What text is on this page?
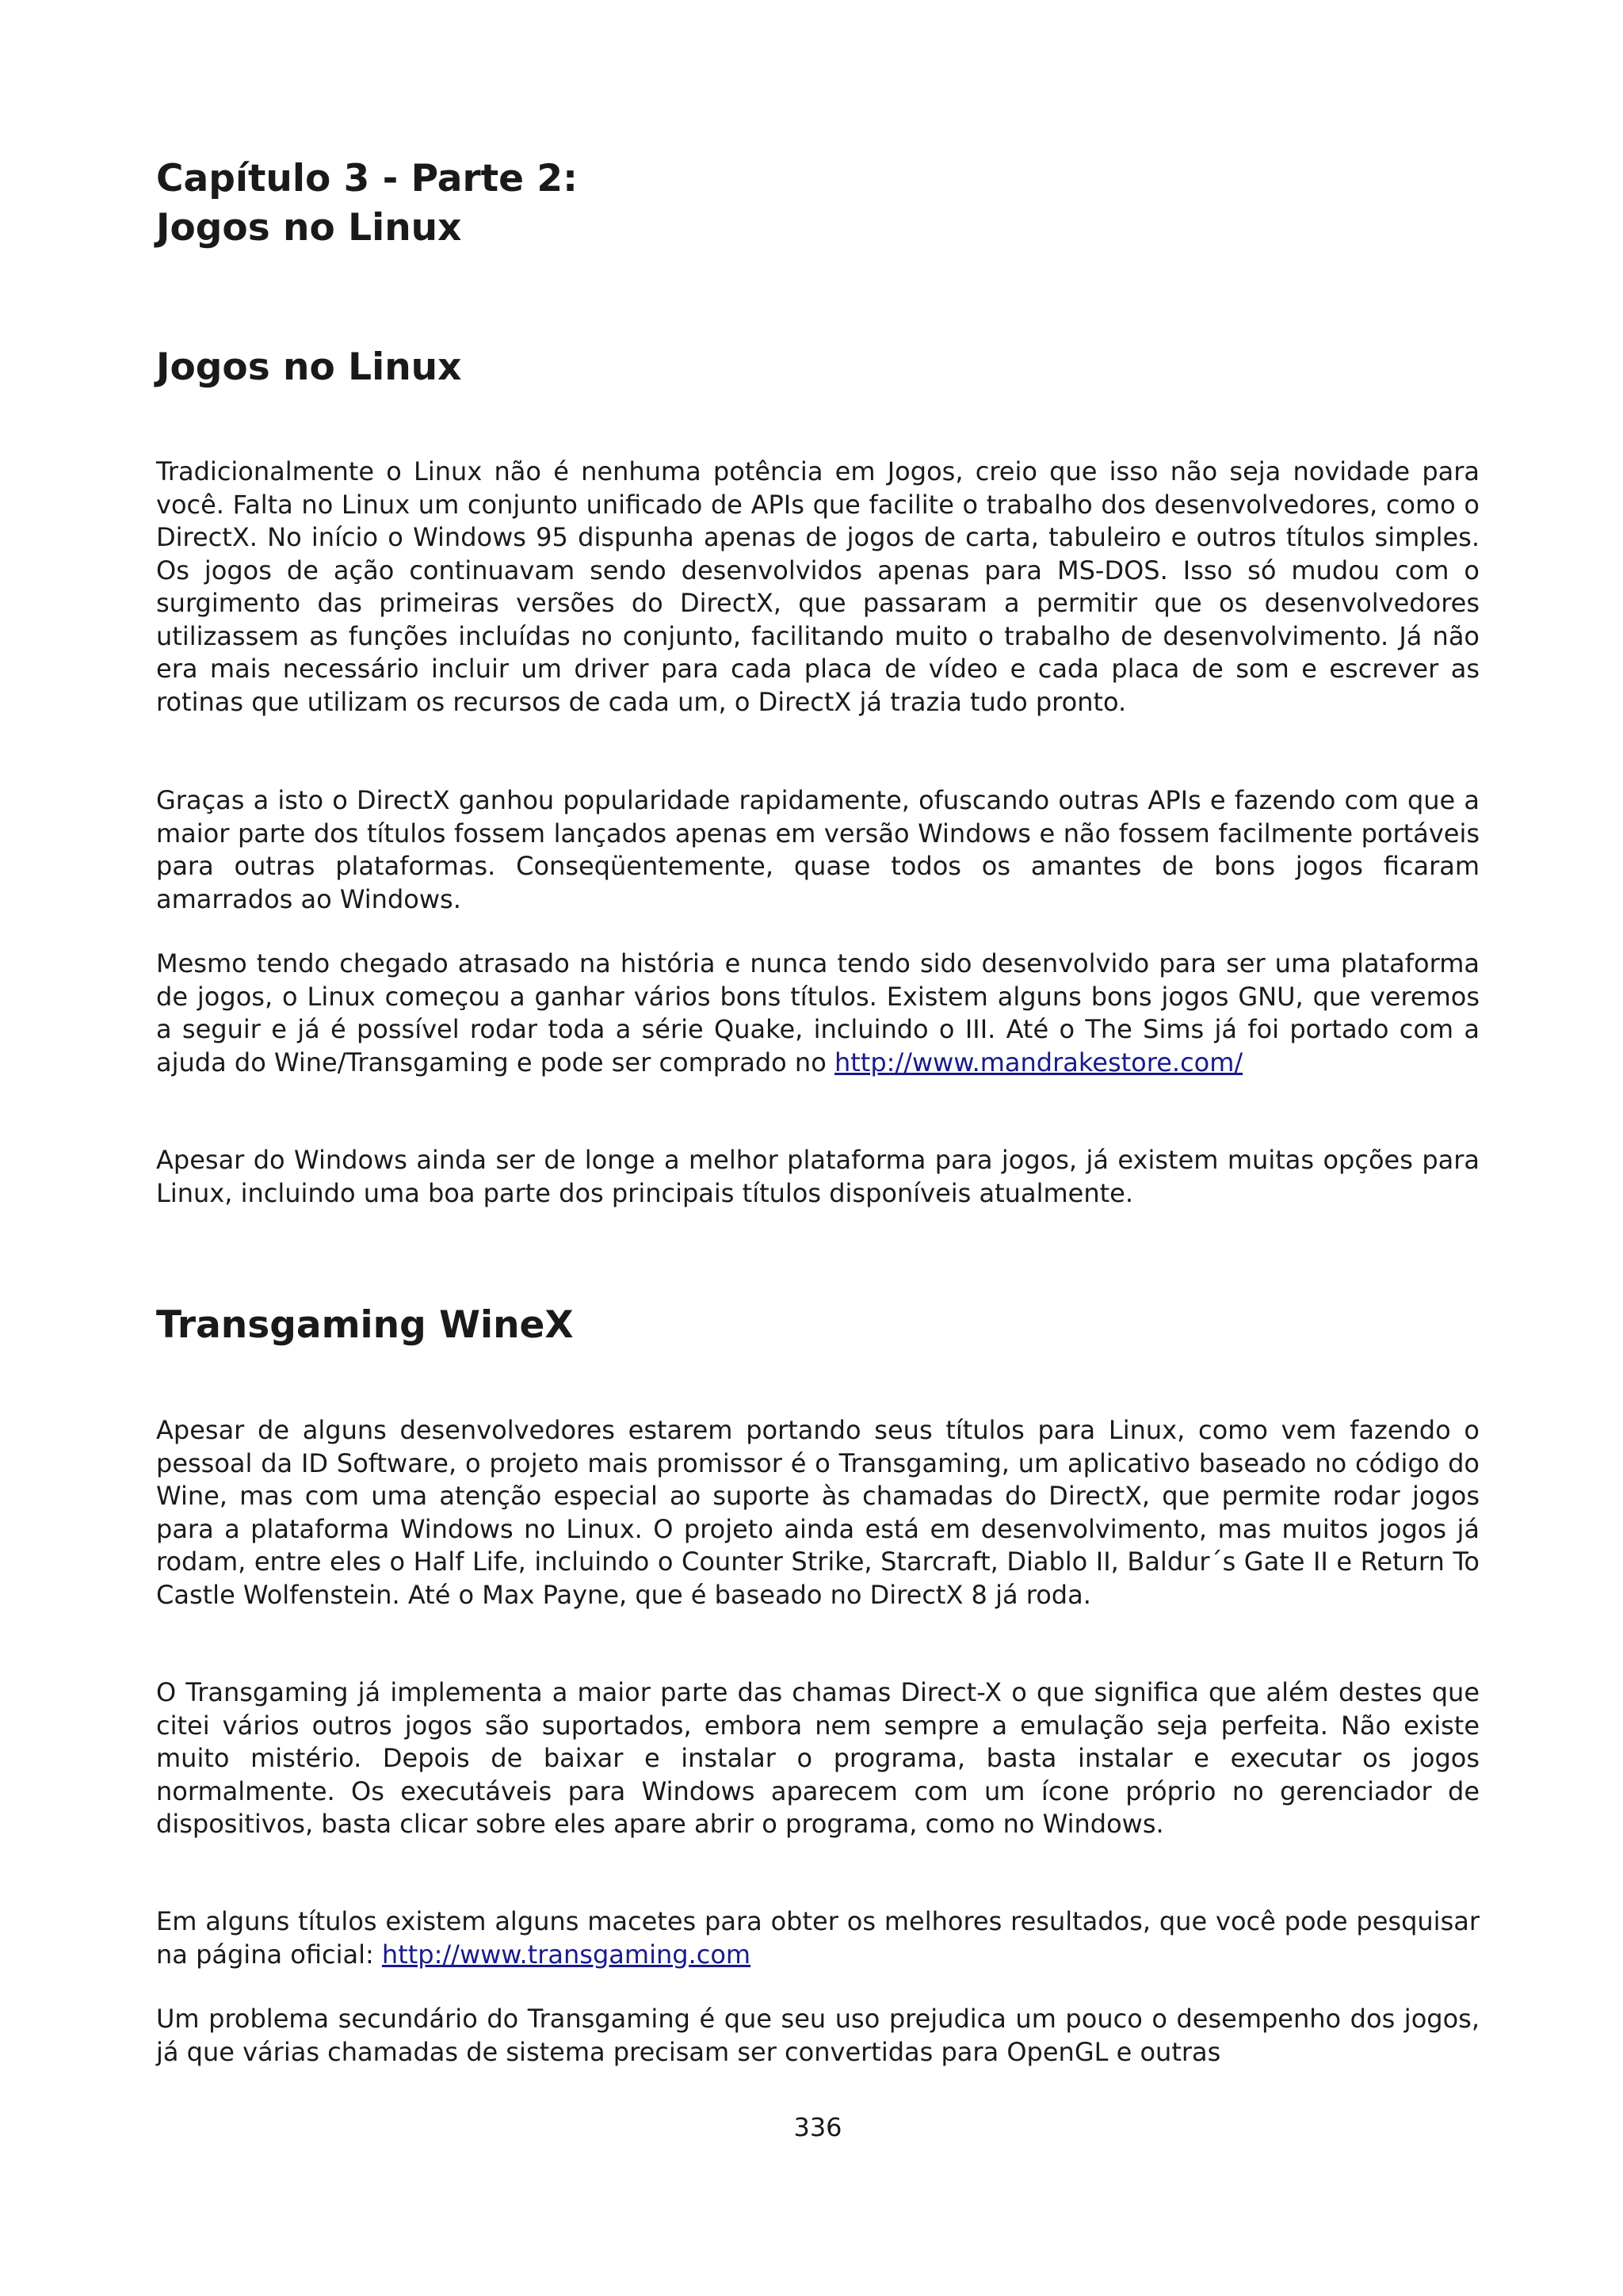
Capítulo 3 - Parte 2:
Jogos no Linux
Jogos no Linux

Tradicionalmente o Linux não é nenhuma potência em Jogos, creio que isso não seja novidade para você. Falta no Linux um conjunto unificado de APIs que facilite o trabalho dos desenvolvedores, como o DirectX. No início o Windows 95 dispunha apenas de jogos de carta, tabuleiro e outros títulos simples. Os jogos de ação continuavam sendo desenvolvidos apenas para MS-DOS. Isso só mudou com o surgimento das primeiras versões do DirectX, que passaram a permitir que os desenvolvedores utilizassem as funções incluídas no conjunto, facilitando muito o trabalho de desenvolvimento. Já não era mais necessário incluir um driver para cada placa de vídeo e cada placa de som e escrever as rotinas que utilizam os recursos de cada um, o DirectX já trazia tudo pronto.

Graças a isto o DirectX ganhou popularidade rapidamente, ofuscando outras APIs e fazendo com que a maior parte dos títulos fossem lançados apenas em versão Windows e não fossem facilmente portáveis para outras plataformas. Conseqüentemente, quase todos os amantes de bons jogos ficaram amarrados ao Windows.

Mesmo tendo chegado atrasado na história e nunca tendo sido desenvolvido para ser uma plataforma de jogos, o Linux começou a ganhar vários bons títulos. Existem alguns bons jogos GNU, que veremos a seguir e já é possível rodar toda a série Quake, incluindo o III. Até o The Sims já foi portado com a ajuda do Wine/Transgaming e pode ser comprado no http://www.mandrakestore.com/

Apesar do Windows ainda ser de longe a melhor plataforma para jogos, já existem muitas opções para Linux, incluindo uma boa parte dos principais títulos disponíveis atualmente.

Transgaming WineX

Apesar de alguns desenvolvedores estarem portando seus títulos para Linux, como vem fazendo o pessoal da ID Software, o projeto mais promissor é o Transgaming, um aplicativo baseado no código do Wine, mas com uma atenção especial ao suporte às chamadas do DirectX, que permite rodar jogos para a plataforma Windows no Linux. O projeto ainda está em desenvolvimento, mas muitos jogos já rodam, entre eles o Half Life, incluindo o Counter Strike, Starcraft, Diablo II, Baldur´s Gate II e Return To Castle Wolfenstein. Até o Max Payne, que é baseado no DirectX 8 já roda.

O Transgaming já implementa a maior parte das chamas Direct-X o que significa que além destes que citei vários outros jogos são suportados, embora nem sempre a emulação seja perfeita. Não existe muito mistério. Depois de baixar e instalar o programa, basta instalar e executar os jogos normalmente. Os executáveis para Windows aparecem com um ícone próprio no gerenciador de dispositivos, basta clicar sobre eles apare abrir o programa, como no Windows.

Em alguns títulos existem alguns macetes para obter os melhores resultados, que você pode pesquisar na página oficial: http://www.transgaming.com

Um problema secundário do Transgaming é que seu uso prejudica um pouco o desempenho dos jogos, já que várias chamadas de sistema precisam ser convertidas para OpenGL e outras

336
